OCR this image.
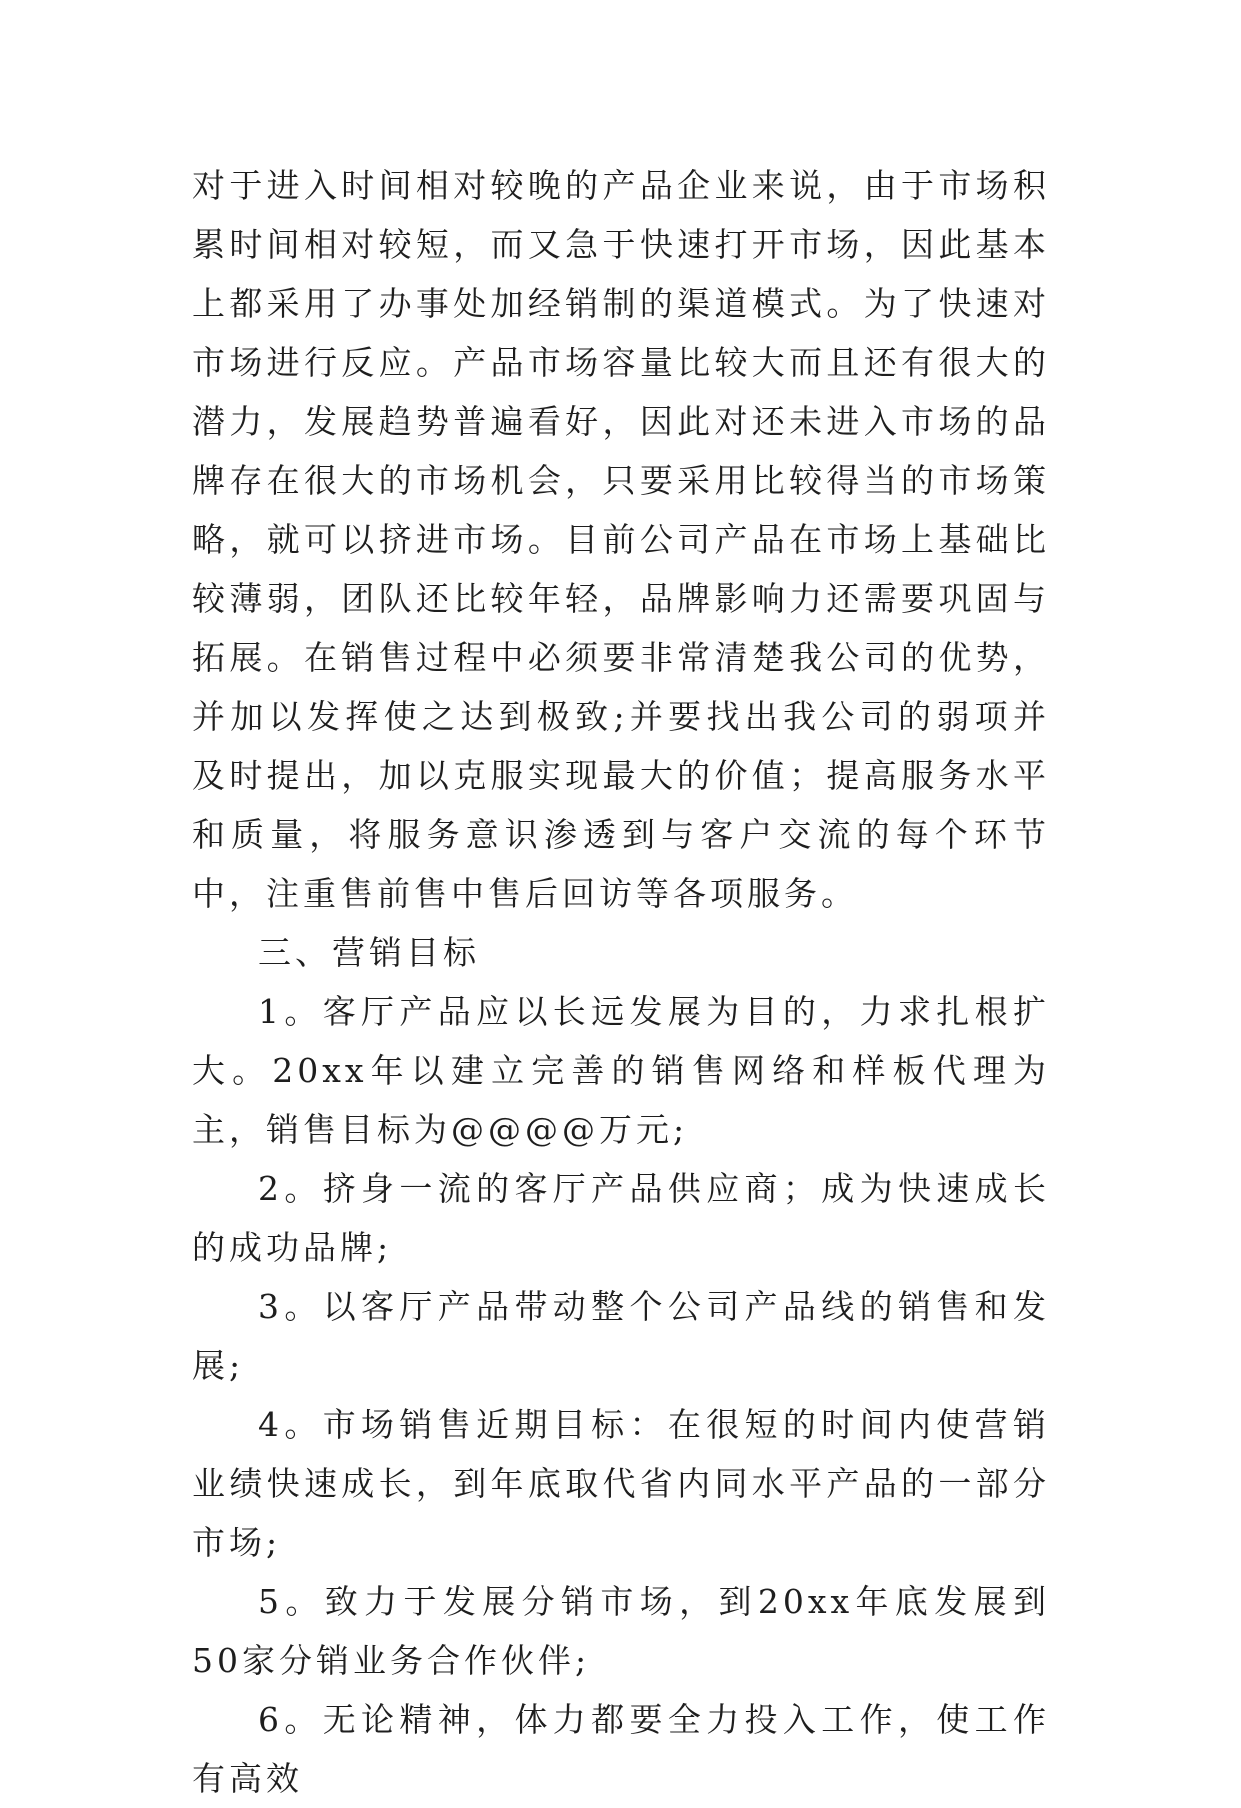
对于进入时间相对较晚的产品企业来说，由于市场积累时间相对较短，而又急于快速打开市场，因此基本上都采用了办事处加经销制的渠道模式。为了快速对市场进行反应。产品市场容量比较大而且还有很大的潜力，发展趋势普遍看好，因此对还未进入市场的品牌存在很大的市场机会，只要采用比较得当的市场策略，就可以挤进市场。目前公司产品在市场上基础比较薄弱，团队还比较年轻，品牌影响力还需要巩固与拓展。在销售过程中必须要非常清楚我公司的优势，并加以发挥使之达到极致;并要找出我公司的弱项并及时提出，加以克服实现最大的价值；提高服务水平和质量，将服务意识渗透到与客户交流的每个环节中，注重售前售中售后回访等各项服务。

三、营销目标

1。客厅产品应以长远发展为目的，力求扎根扩大。20xx年以建立完善的销售网络和样板代理为主，销售目标为@@@@万元;

2。挤身一流的客厅产品供应商；成为快速成长的成功品牌;

3。以客厅产品带动整个公司产品线的销售和发展;

4。市场销售近期目标：在很短的时间内使营销业绩快速成长，到年底取代省内同水平产品的一部分市场;

5。致力于发展分销市场，到20xx年底发展到50家分销业务合作伙伴;

6。无论精神，体力都要全力投入工作，使工作有高效
